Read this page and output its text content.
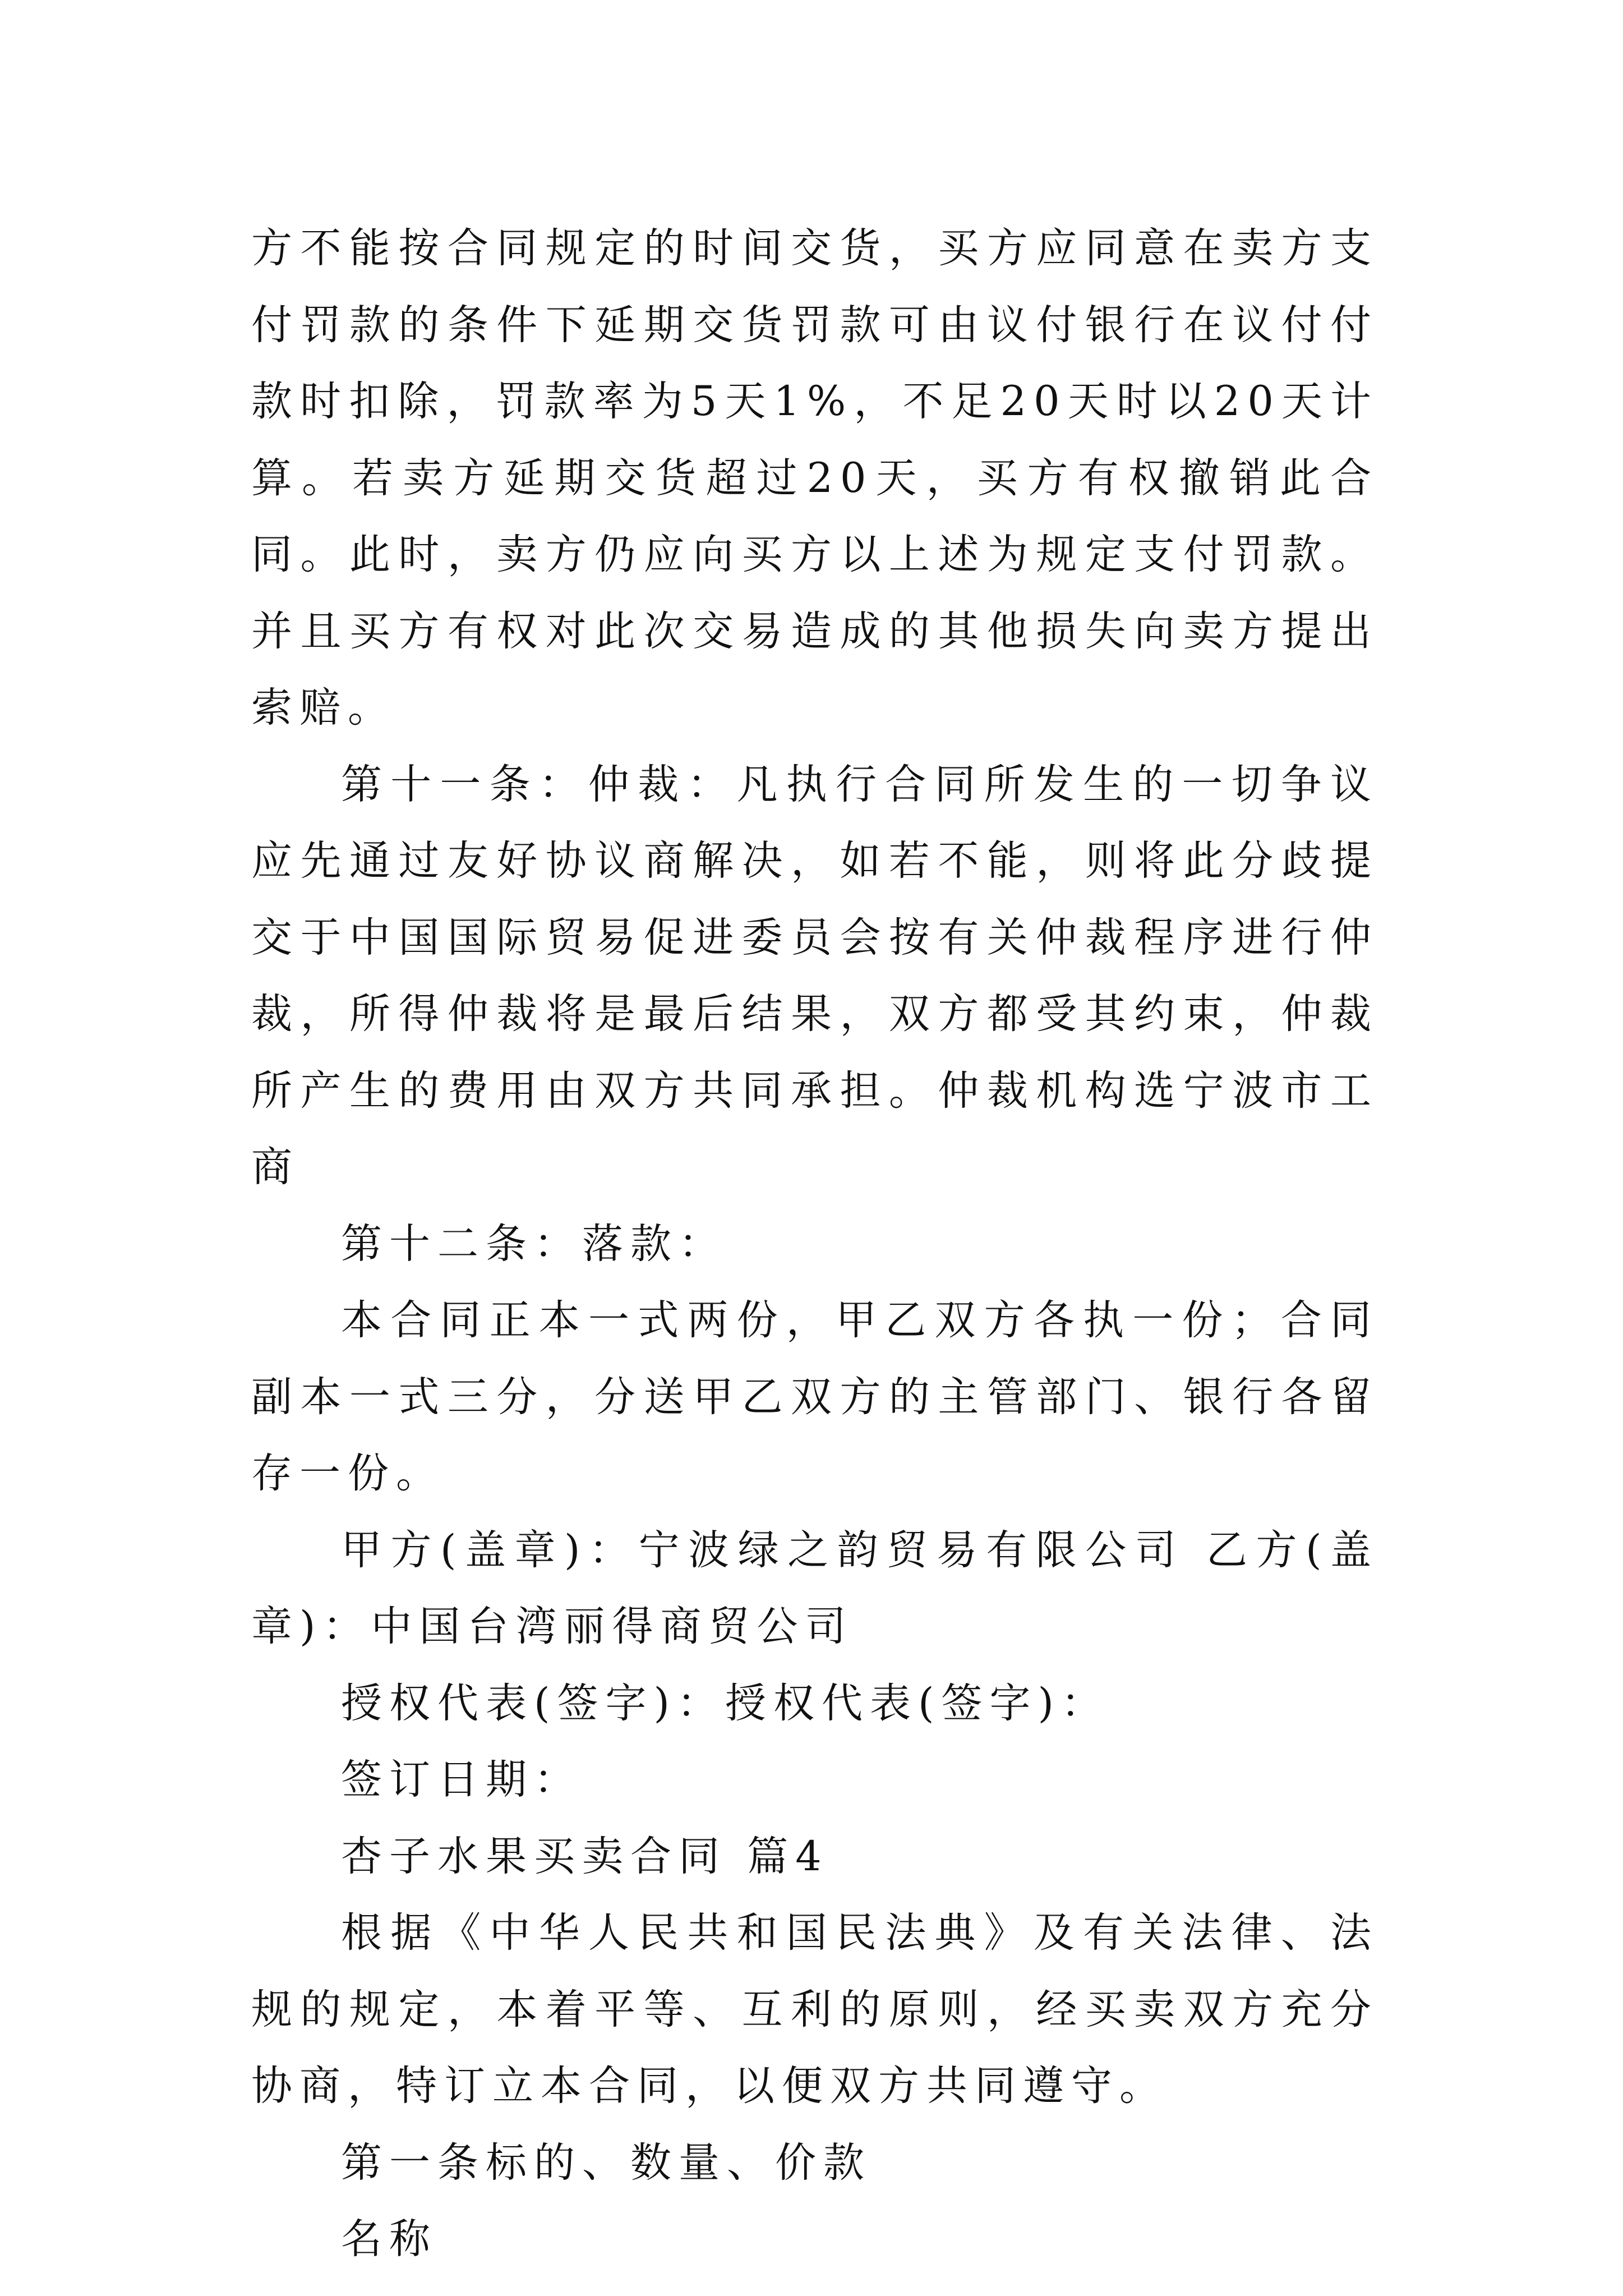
方不能按合同规定的时间交货，买方应同意在卖方支付罚款的条件下延期交货罚款可由议付银行在议付付款时扣除，罚款率为5天1%，不足20天时以20天计算。若卖方延期交货超过20天，买方有权撤销此合同。此时，卖方仍应向买方以上述为规定支付罚款。并且买方有权对此次交易造成的其他损失向卖方提出索赔。

第十一条：仲裁：凡执行合同所发生的一切争议应先通过友好协议商解决，如若不能，则将此分歧提交于中国国际贸易促进委员会按有关仲裁程序进行仲裁，所得仲裁将是最后结果，双方都受其约束，仲裁所产生的费用由双方共同承担。仲裁机构选宁波市工商

第十二条：落款：

本合同正本一式两份，甲乙双方各执一份；合同副本一式三分，分送甲乙双方的主管部门、银行各留存一份。

甲方(盖章)：宁波绿之韵贸易有限公司 乙方(盖章)：中国台湾丽得商贸公司

授权代表(签字)：授权代表(签字)：

签订日期：

杏子水果买卖合同 篇4

根据《中华人民共和国民法典》及有关法律、法规的规定，本着平等、互利的原则，经买卖双方充分协商，特订立本合同，以便双方共同遵守。

第一条标的、数量、价款

名称
